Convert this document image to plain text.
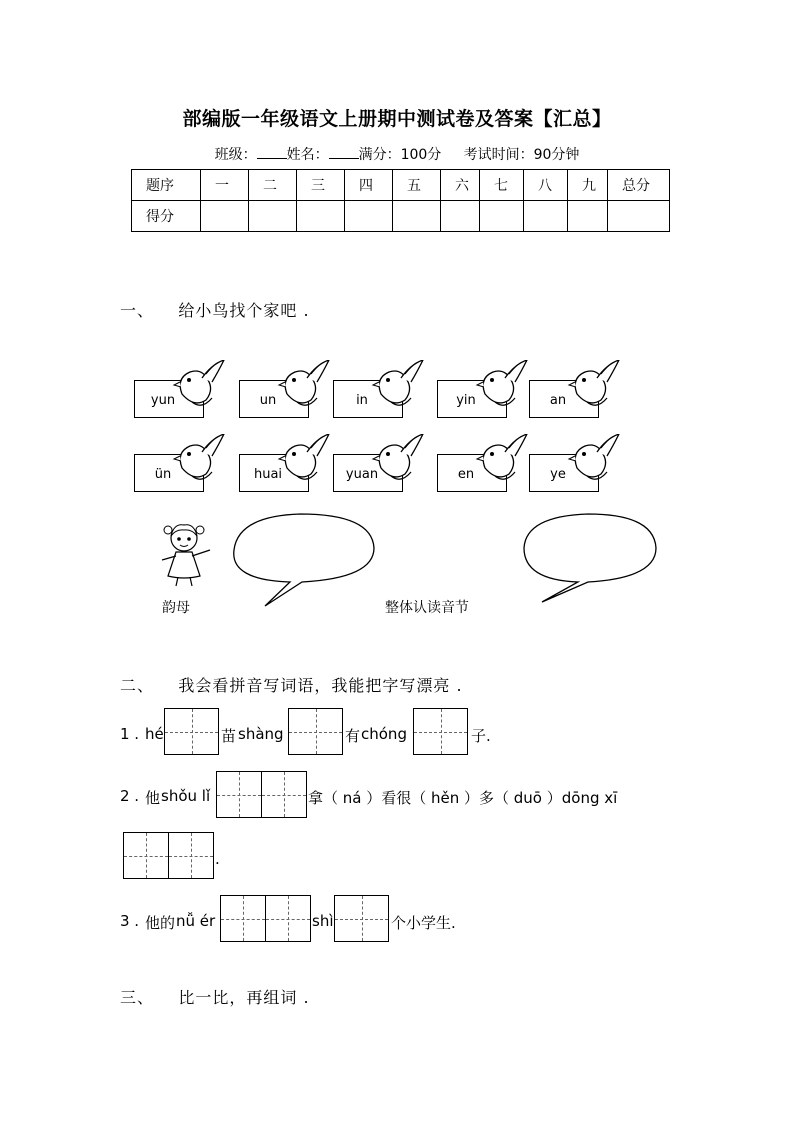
部编版一年级语文上册期中测试卷及答案【汇总】
班级： 姓名： 满分：100分 考试时间：90分钟
题序	一	二	三	四	五	六	七	八	九	总分
得分										
一、 给小鸟找个家吧 .
yun	un	in	yin	an
ün	huai	yuan	en	ye
韵母	整体认读音节
二、 我会看拼音写词语，我能把字写漂亮 .
1 . hé	苗 shàng	有 chóng	子.
2 . 他 shǒu lǐ	拿（ ná ）看很（ hěn ）多（ duō ）dōng xī
.
3 . 他的 nǚ ér	shì	个小学生.
三、 比一比，再组词 .
